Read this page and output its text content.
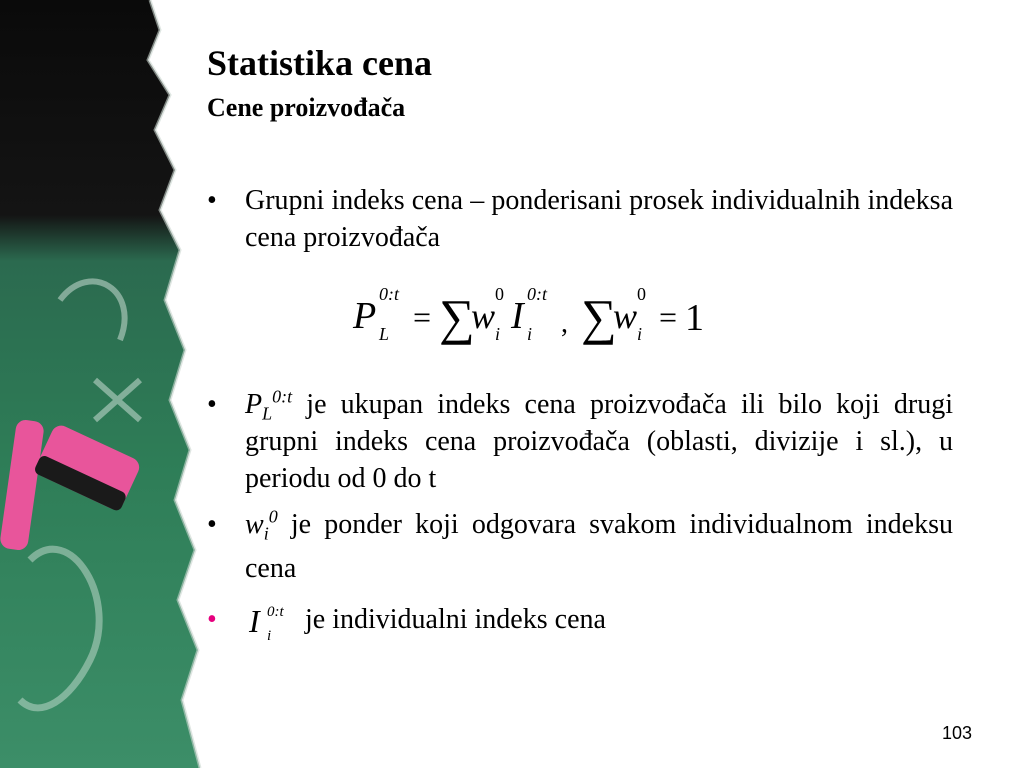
Statistika cena
Cene proizvođača
•	Grupni indeks cena – ponderisani prosek individualnih indeksa cena proizvođača
P L
0:t
= ∑
w i
0
I i
0:t
, ∑
w i
0
= 1
•	$P_L^{0:t}$ je ukupan indeks cena proizvođača ili bilo koji drugi grupni indeks cena proizvođača (oblasti, divizije i sl.), u periodu od 0 do t
•	$w_i^0$ je ponder koji odgovara svakom individualnom indeksu cena
•	I i
0:t je individualni indeks cena
103
